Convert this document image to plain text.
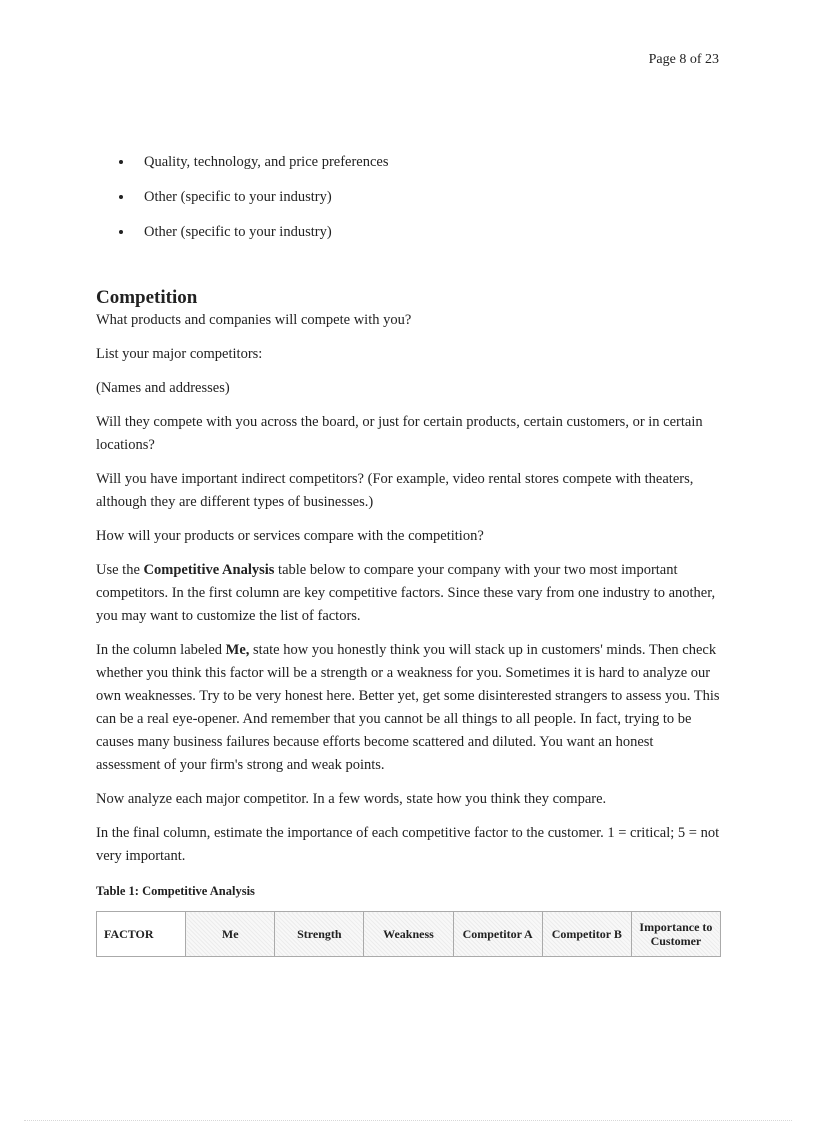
Page 8 of 23
Quality, technology, and price preferences
Other (specific to your industry)
Other (specific to your industry)
Competition

What products and companies will compete with you?

List your major competitors:

(Names and addresses)

Will they compete with you across the board, or just for certain products, certain customers, or in certain locations?

Will you have important indirect competitors? (For example, video rental stores compete with theaters, although they are different types of businesses.)

How will your products or services compare with the competition?

Use the Competitive Analysis table below to compare your company with your two most important competitors. In the first column are key competitive factors. Since these vary from one industry to another, you may want to customize the list of factors.

In the column labeled Me, state how you honestly think you will stack up in customers' minds. Then check whether you think this factor will be a strength or a weakness for you. Sometimes it is hard to analyze our own weaknesses. Try to be very honest here. Better yet, get some disinterested strangers to assess you. This can be a real eye-opener. And remember that you cannot be all things to all people. In fact, trying to be causes many business failures because efforts become scattered and diluted. You want an honest assessment of your firm's strong and weak points.

Now analyze each major competitor. In a few words, state how you think they compare.

In the final column, estimate the importance of each competitive factor to the customer. 1 = critical; 5 = not very important.

Table 1: Competitive Analysis
FACTOR	Me	Strength	Weakness	Competitor A	Competitor B	Importance to Customer
